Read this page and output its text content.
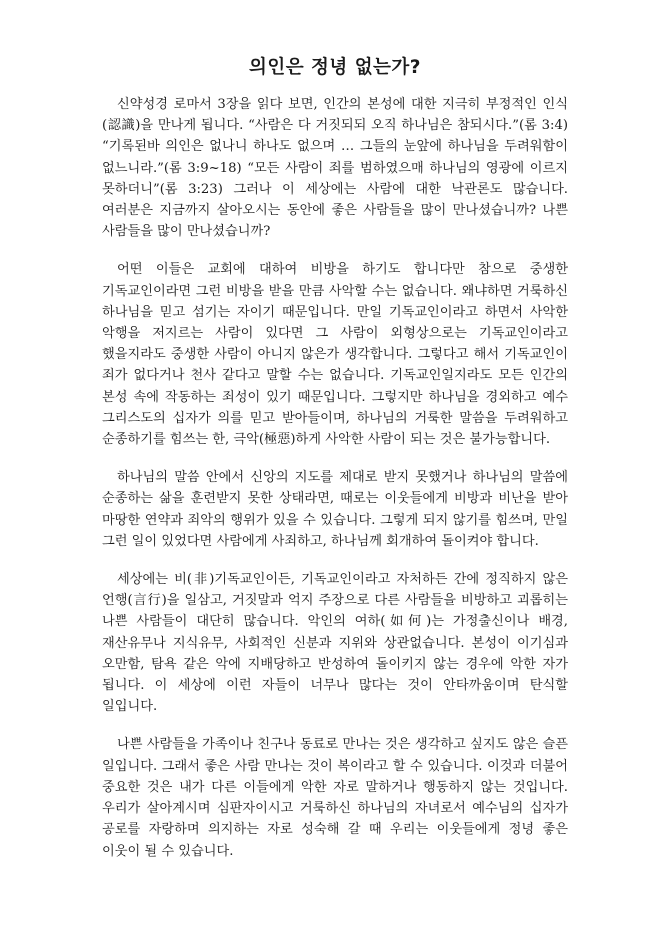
의인은 정녕 없는가?

신약성경 로마서 3장을 읽다 보면, 인간의 본성에 대한 지극히 부정적인 인식(認識)을 만나게 됩니다. “사람은 다 거짓되되 오직 하나님은 참되시다.”(롬 3:4) “기록된바 의인은 없나니 하나도 없으며 … 그들의 눈앞에 하나님을 두려워함이 없느니라.”(롬 3:9~18) “모든 사람이 죄를 범하였으매 하나님의 영광에 이르지 못하더니”(롬 3:23) 그러나 이 세상에는 사람에 대한 낙관론도 많습니다. 여러분은 지금까지 살아오시는 동안에 좋은 사람들을 많이 만나셨습니까? 나쁜 사람들을 많이 만나셨습니까?

어떤 이들은 교회에 대하여 비방을 하기도 합니다만 참으로 중생한 기독교인이라면 그런 비방을 받을 만큼 사악할 수는 없습니다. 왜냐하면 거룩하신 하나님을 믿고 섬기는 자이기 때문입니다. 만일 기독교인이라고 하면서 사악한 악행을 저지르는 사람이 있다면 그 사람이 외형상으로는 기독교인이라고 했을지라도 중생한 사람이 아니지 않은가 생각합니다. 그렇다고 해서 기독교인이 죄가 없다거나 천사 같다고 말할 수는 없습니다. 기독교인일지라도 모든 인간의 본성 속에 작동하는 죄성이 있기 때문입니다. 그렇지만 하나님을 경외하고 예수 그리스도의 십자가 의를 믿고 받아들이며, 하나님의 거룩한 말씀을 두려워하고 순종하기를 힘쓰는 한, 극악(極惡)하게 사악한 사람이 되는 것은 불가능합니다.

하나님의 말씀 안에서 신앙의 지도를 제대로 받지 못했거나 하나님의 말씀에 순종하는 삶을 훈련받지 못한 상태라면, 때로는 이웃들에게 비방과 비난을 받아 마땅한 연약과 죄악의 행위가 있을 수 있습니다. 그렇게 되지 않기를 힘쓰며, 만일 그런 일이 있었다면 사람에게 사죄하고, 하나님께 회개하여 돌이켜야 합니다.

세상에는 비(非)기독교인이든, 기독교인이라고 자처하든 간에 정직하지 않은 언행(言行)을 일삼고, 거짓말과 억지 주장으로 다른 사람들을 비방하고 괴롭히는 나쁜 사람들이 대단히 많습니다. 악인의 여하(如何)는 가정출신이나 배경, 재산유무나 지식유무, 사회적인 신분과 지위와 상관없습니다. 본성이 이기심과 오만함, 탐욕 같은 악에 지배당하고 반성하여 돌이키지 않는 경우에 악한 자가 됩니다. 이 세상에 이런 자들이 너무나 많다는 것이 안타까움이며 탄식할 일입니다.

나쁜 사람들을 가족이나 친구나 동료로 만나는 것은 생각하고 싶지도 않은 슬픈 일입니다. 그래서 좋은 사람 만나는 것이 복이라고 할 수 있습니다. 이것과 더불어 중요한 것은 내가 다른 이들에게 악한 자로 말하거나 행동하지 않는 것입니다. 우리가 살아계시며 심판자이시고 거룩하신 하나님의 자녀로서 예수님의 십자가 공로를 자랑하며 의지하는 자로 성숙해 갈 때 우리는 이웃들에게 정녕 좋은 이웃이 될 수 있습니다.
